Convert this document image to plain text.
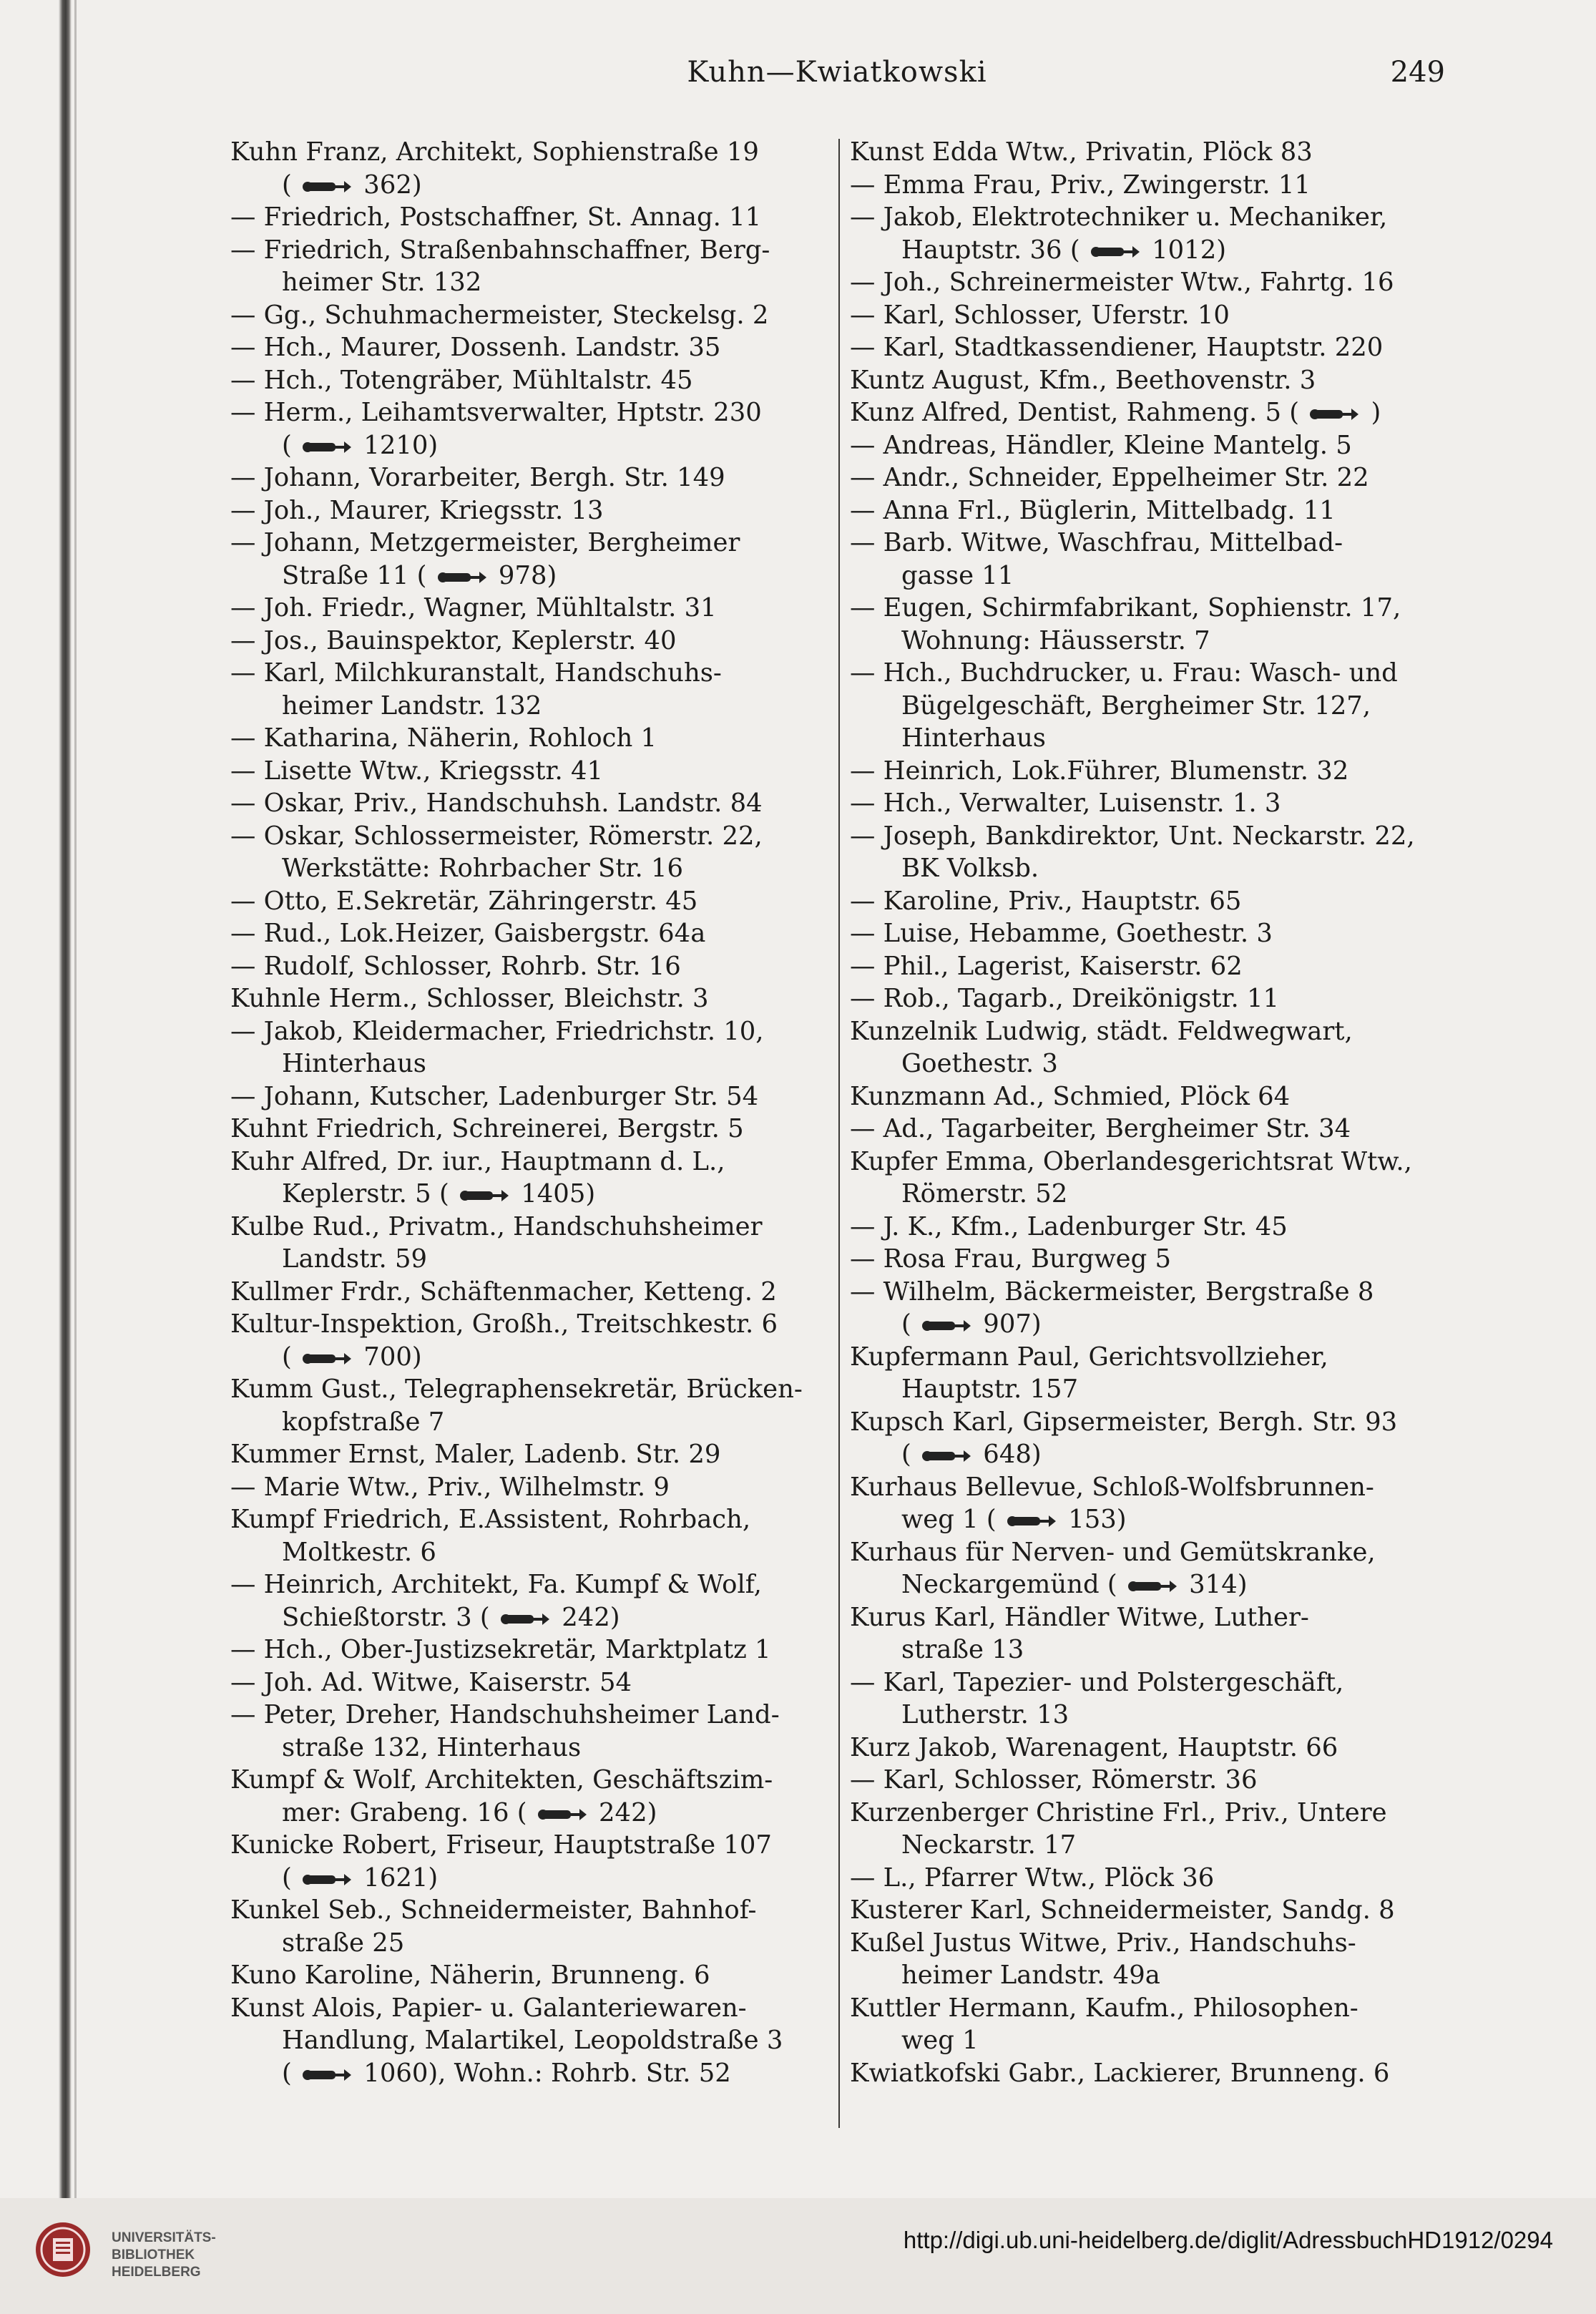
Kuhn—Kwiatkowski	249
Kuhn Franz, Architekt, Sophienstraße 19
(  362)
— Friedrich, Postschaffner, St. Annag. 11
— Friedrich, Straßenbahnschaffner, Berg-
heimer Str. 132
— Gg., Schuhmachermeister, Steckelsg. 2
— Hch., Maurer, Dossenh. Landstr. 35
— Hch., Totengräber, Mühltalstr. 45
— Herm., Leihamtsverwalter, Hptstr. 230
(  1210)
— Johann, Vorarbeiter, Bergh. Str. 149
— Joh., Maurer, Kriegsstr. 13
— Johann, Metzgermeister, Bergheimer
Straße 11 (  978)
— Joh. Friedr., Wagner, Mühltalstr. 31
— Jos., Bauinspektor, Keplerstr. 40
— Karl, Milchkuranstalt, Handschuhs-
heimer Landstr. 132
— Katharina, Näherin, Rohloch 1
— Lisette Wtw., Kriegsstr. 41
— Oskar, Priv., Handschuhsh. Landstr. 84
— Oskar, Schlossermeister, Römerstr. 22,
Werkstätte: Rohrbacher Str. 16
— Otto, E.Sekretär, Zähringerstr. 45
— Rud., Lok.Heizer, Gaisbergstr. 64a
— Rudolf, Schlosser, Rohrb. Str. 16
Kuhnle Herm., Schlosser, Bleichstr. 3
— Jakob, Kleidermacher, Friedrichstr. 10,
Hinterhaus
— Johann, Kutscher, Ladenburger Str. 54
Kuhnt Friedrich, Schreinerei, Bergstr. 5
Kuhr Alfred, Dr. iur., Hauptmann d. L.,
Keplerstr. 5 (  1405)
Kulbe Rud., Privatm., Handschuhsheimer
Landstr. 59
Kullmer Frdr., Schäftenmacher, Ketteng. 2
Kultur-Inspektion, Großh., Treitschkestr. 6
(  700)
Kumm Gust., Telegraphensekretär, Brücken-
kopfstraße 7
Kummer Ernst, Maler, Ladenb. Str. 29
— Marie Wtw., Priv., Wilhelmstr. 9
Kumpf Friedrich, E.Assistent, Rohrbach,
Moltkestr. 6
— Heinrich, Architekt, Fa. Kumpf & Wolf,
Schießtorstr. 3 (  242)
— Hch., Ober-Justizsekretär, Marktplatz 1
— Joh. Ad. Witwe, Kaiserstr. 54
— Peter, Dreher, Handschuhsheimer Land-
straße 132, Hinterhaus
Kumpf & Wolf, Architekten, Geschäftszim-
mer: Grabeng. 16 (  242)
Kunicke Robert, Friseur, Hauptstraße 107
(  1621)
Kunkel Seb., Schneidermeister, Bahnhof-
straße 25
Kuno Karoline, Näherin, Brunneng. 6
Kunst Alois, Papier- u. Galanteriewaren-
Handlung, Malartikel, Leopoldstraße 3
(  1060), Wohn.: Rohrb. Str. 52
Kunst Edda Wtw., Privatin, Plöck 83
— Emma Frau, Priv., Zwingerstr. 11
— Jakob, Elektrotechniker u. Mechaniker,
Hauptstr. 36 (  1012)
— Joh., Schreinermeister Wtw., Fahrtg. 16
— Karl, Schlosser, Uferstr. 10
— Karl, Stadtkassendiener, Hauptstr. 220
Kuntz August, Kfm., Beethovenstr. 3
Kunz Alfred, Dentist, Rahmeng. 5 (  )
— Andreas, Händler, Kleine Mantelg. 5
— Andr., Schneider, Eppelheimer Str. 22
— Anna Frl., Büglerin, Mittelbadg. 11
— Barb. Witwe, Waschfrau, Mittelbad-
gasse 11
— Eugen, Schirmfabrikant, Sophienstr. 17,
Wohnung: Häusserstr. 7
— Hch., Buchdrucker, u. Frau: Wasch- und
Bügelgeschäft, Bergheimer Str. 127,
Hinterhaus
— Heinrich, Lok.Führer, Blumenstr. 32
— Hch., Verwalter, Luisenstr. 1. 3
— Joseph, Bankdirektor, Unt. Neckarstr. 22,
BK Volksb.
— Karoline, Priv., Hauptstr. 65
— Luise, Hebamme, Goethestr. 3
— Phil., Lagerist, Kaiserstr. 62
— Rob., Tagarb., Dreikönigstr. 11
Kunzelnik Ludwig, städt. Feldwegwart,
Goethestr. 3
Kunzmann Ad., Schmied, Plöck 64
— Ad., Tagarbeiter, Bergheimer Str. 34
Kupfer Emma, Oberlandesgerichtsrat Wtw.,
Römerstr. 52
— J. K., Kfm., Ladenburger Str. 45
— Rosa Frau, Burgweg 5
— Wilhelm, Bäckermeister, Bergstraße 8
(  907)
Kupfermann Paul, Gerichtsvollzieher,
Hauptstr. 157
Kupsch Karl, Gipsermeister, Bergh. Str. 93
(  648)
Kurhaus Bellevue, Schloß-Wolfsbrunnen-
weg 1 (  153)
Kurhaus für Nerven- und Gemütskranke,
Neckargemünd (  314)
Kurus Karl, Händler Witwe, Luther-
straße 13
— Karl, Tapezier- und Polstergeschäft,
Lutherstr. 13
Kurz Jakob, Warenagent, Hauptstr. 66
— Karl, Schlosser, Römerstr. 36
Kurzenberger Christine Frl., Priv., Untere
Neckarstr. 17
— L., Pfarrer Wtw., Plöck 36
Kusterer Karl, Schneidermeister, Sandg. 8
Kußel Justus Witwe, Priv., Handschuhs-
heimer Landstr. 49a
Kuttler Hermann, Kaufm., Philosophen-
weg 1
Kwiatkofski Gabr., Lackierer, Brunneng. 6
UNIVERSITÄTS-
BIBLIOTHEK
HEIDELBERG
http://digi.ub.uni-heidelberg.de/diglit/AdressbuchHD1912/0294
